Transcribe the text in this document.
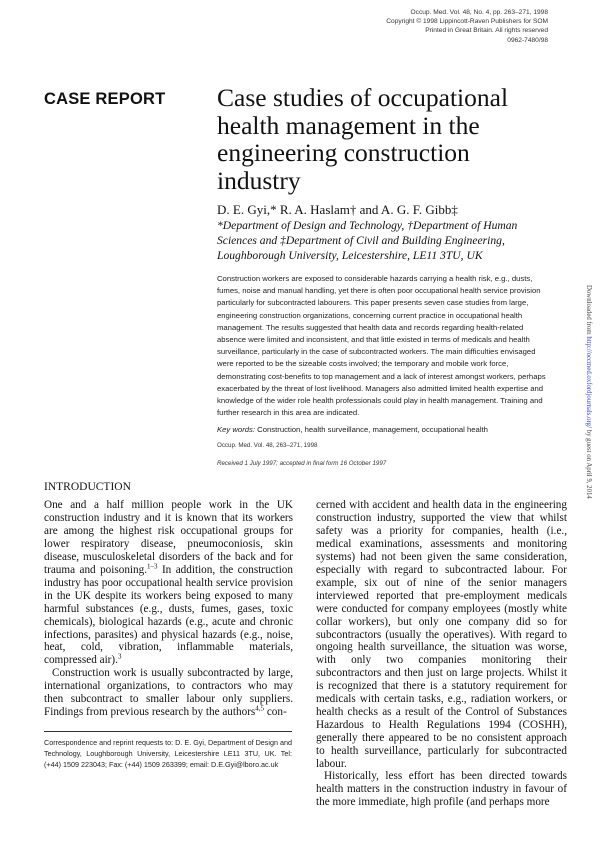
Occup. Med. Vol. 48, No. 4, pp. 263–271, 1998
Copyright © 1998 Lippincott-Raven Publishers for SOM
Printed in Great Britain. All rights reserved
0962-7480/98
CASE REPORT Case studies of occupational health management in the engineering construction industry
D. E. Gyi,* R. A. Haslam† and A. G. F. Gibb‡
*Department of Design and Technology, †Department of Human Sciences and ‡Department of Civil and Building Engineering, Loughborough University, Leicestershire, LE11 3TU, UK
Construction workers are exposed to considerable hazards carrying a health risk, e.g., dusts, fumes, noise and manual handling, yet there is often poor occupational health service provision particularly for subcontracted labourers. This paper presents seven case studies from large, engineering construction organizations, concerning current practice in occupational health management. The results suggested that health data and records regarding health-related absence were limited and inconsistent, and that little existed in terms of medicals and health surveillance, particularly in the case of subcontracted workers. The main difficulties envisaged were reported to be the sizeable costs involved; the temporary and mobile work force, demonstrating cost-benefits to top management and a lack of interest amongst workers, perhaps exacerbated by the threat of lost livelihood. Managers also admitted limited health expertise and knowledge of the wider role health professionals could play in health management. Training and further research in this area are indicated.
Key words: Construction, health surveillance, management, occupational health
Occup. Med. Vol. 48, 263–271, 1998
Received 1 July 1997; accepted in final form 16 October 1997
INTRODUCTION

One and a half million people work in the UK construction industry and it is known that its workers are among the highest risk occupational groups for lower respiratory disease, pneumoconiosis, skin disease, musculoskeletal disorders of the back and for trauma and poisoning.$^{1-3}$ In addition, the construction industry has poor occupational health service provision in the UK despite its workers being exposed to many harmful substances (e.g., dusts, fumes, gases, toxic chemicals), biological hazards (e.g., acute and chronic infections, parasites) and physical hazards (e.g., noise, heat, cold, vibration, inflammable materials, compressed air).$^3$

Construction work is usually subcontracted by large, international organizations, to contractors who may then subcontract to smaller labour only suppliers. Findings from previous research by the authors$^{4,5}$ con-

Correspondence and reprint requests to: D. E. Gyi, Department of Design and Technology, Loughborough University, Leicestershire LE11 3TU, UK. Tel: (+44) 1509 223043; Fax: (+44) 1509 263399; email: D.E.Gyi@lboro.ac.uk

cerned with accident and health data in the engineering construction industry, supported the view that whilst safety was a priority for companies, health (i.e., medical examinations, assessments and monitoring systems) had not been given the same consideration, especially with regard to subcontracted labour. For example, six out of nine of the senior managers interviewed reported that pre-employment medicals were conducted for company employees (mostly white collar workers), but only one company did so for subcontractors (usually the operatives). With regard to ongoing health surveillance, the situation was worse, with only two companies monitoring their subcontractors and then just on large projects. Whilst it is recognized that there is a statutory requirement for medicals with certain tasks, e.g., radiation workers, or health checks as a result of the Control of Substances Hazardous to Health Regulations 1994 (COSHH), generally there appeared to be no consistent approach to health surveillance, particularly for subcontracted labour.

Historically, less effort has been directed towards health matters in the construction industry in favour of the more immediate, high profile (and perhaps more

Downloaded from http://occmed.oxfordjournals.org/ by guest on April 9, 2014
